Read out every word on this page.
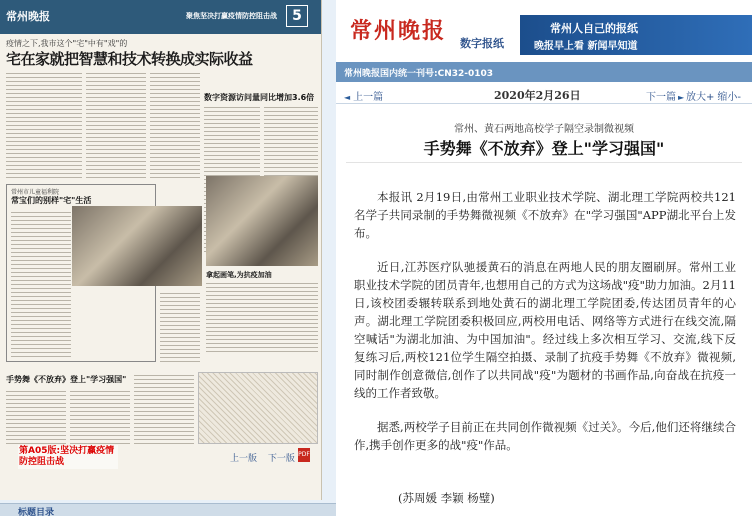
常州晚报	聚焦坚决打赢疫情防控阻击战	5
疫情之下,我市这个"宅"中有"戏"的
宅在家就把智慧和技术转换成实际收益
数字资源访问量同比增加3.6倍
常州市儿童福利院
常宝们的别样"宅"生活
拿起画笔,为抗疫加油
手势舞《不放弃》登上"学习强国"
第A05版:坚决打赢疫情防控阻击战	上一版 下一版 PDF
标题目录
常州晚报 数字报纸
常州人自己的报纸
晚报早上看 新闻早知道
常州晚报国内统一刊号:CN32-0103
◄ 上一篇	2020年2月26日	下一篇 ►	放大+ 缩小-
常州、黄石两地高校学子隔空录制微视频
手势舞《不放弃》登上"学习强国"

本报讯 2月19日,由常州工业职业技术学院、湖北理工学院两校共121名学子共同录制的手势舞微视频《不放弃》在"学习强国"APP湖北平台上发布。

近日,江苏医疗队驰援黄石的消息在两地人民的朋友圈刷屏。常州工业职业技术学院的团员青年,也想用自己的方式为这场战"疫"助力加油。2月11日,该校团委辗转联系到地处黄石的湖北理工学院团委,传达团员青年的心声。湖北理工学院团委积极回应,两校用电话、网络等方式进行在线交流,隔空喊话"为湖北加油、为中国加油"。经过线上多次相互学习、交流,线下反复练习后,两校121位学生隔空拍摄、录制了抗疫手势舞《不放弃》微视频,同时制作创意微信,创作了以共同战"疫"为题材的书画作品,向奋战在抗疫一线的工作者致敬。

据悉,两校学子目前正在共同创作微视频《过关》。今后,他们还将继续合作,携手创作更多的战"疫"作品。

(苏周媛 李颖 杨璧)
